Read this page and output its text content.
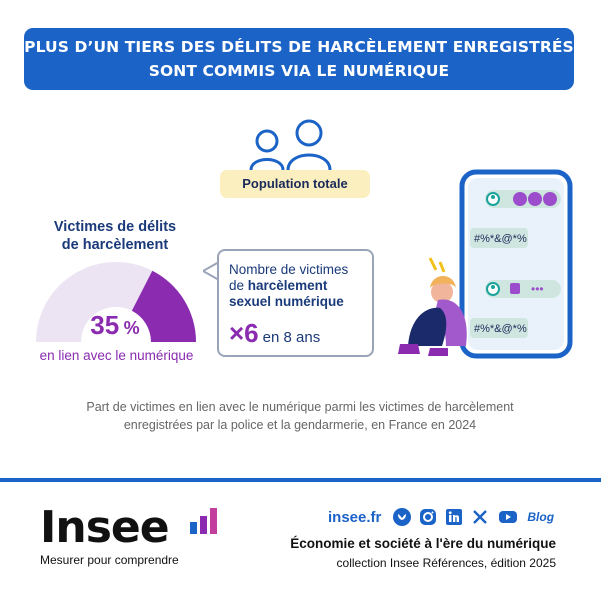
PLUS D’UN TIERS DES DÉLITS DE HARCÈLEMENT ENREGISTRÉS
SONT COMMIS VIA LE NUMÉRIQUE
Population totale
Victimes de délits
de harcèlement
35 %
en lien avec le numérique
Nombre de victimes
de harcèlement
sexuel numérique
×6 en 8 ans
#%*&@*%
•••
#%*&@*%
Part de victimes en lien avec le numérique parmi les victimes de harcèlement
enregistrées par la police et la gendarmerie, en France en 2024
Insee
Mesurer pour comprendre
insee.fr	Blog
Économie et société à l'ère du numérique
collection Insee Références, édition 2025
